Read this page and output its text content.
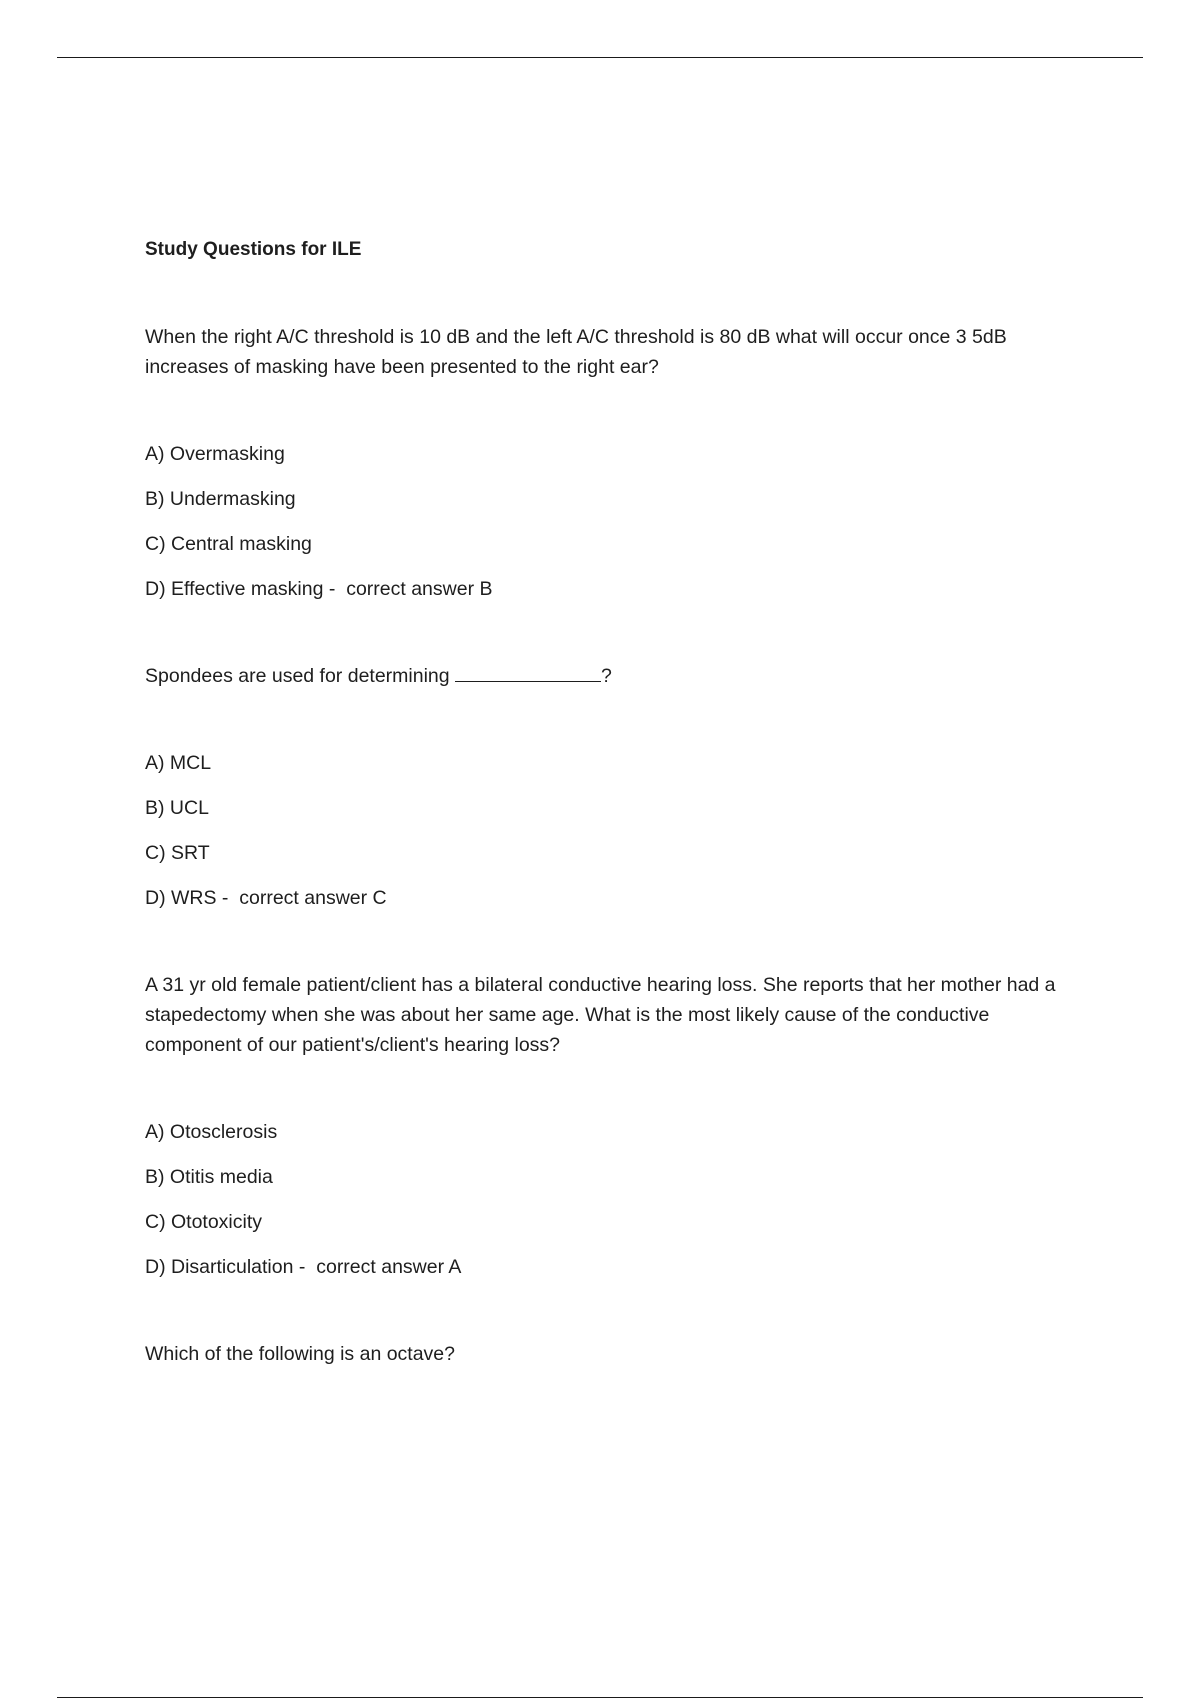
Study Questions for ILE
When the right A/C threshold is 10 dB and the left A/C threshold is 80 dB what will occur once 3 5dB increases of masking have been presented to the right ear?
A) Overmasking
B) Undermasking
C) Central masking
D) Effective masking -  correct answer B
Spondees are used for determining	?
A) MCL
B) UCL
C) SRT
D) WRS -  correct answer C
A 31 yr old female patient/client has a bilateral conductive hearing loss. She reports that her mother had a stapedectomy when she was about her same age. What is the most likely cause of the conductive component of our patient's/client's hearing loss?
A) Otosclerosis
B) Otitis media
C) Ototoxicity
D) Disarticulation -  correct answer A
Which of the following is an octave?
